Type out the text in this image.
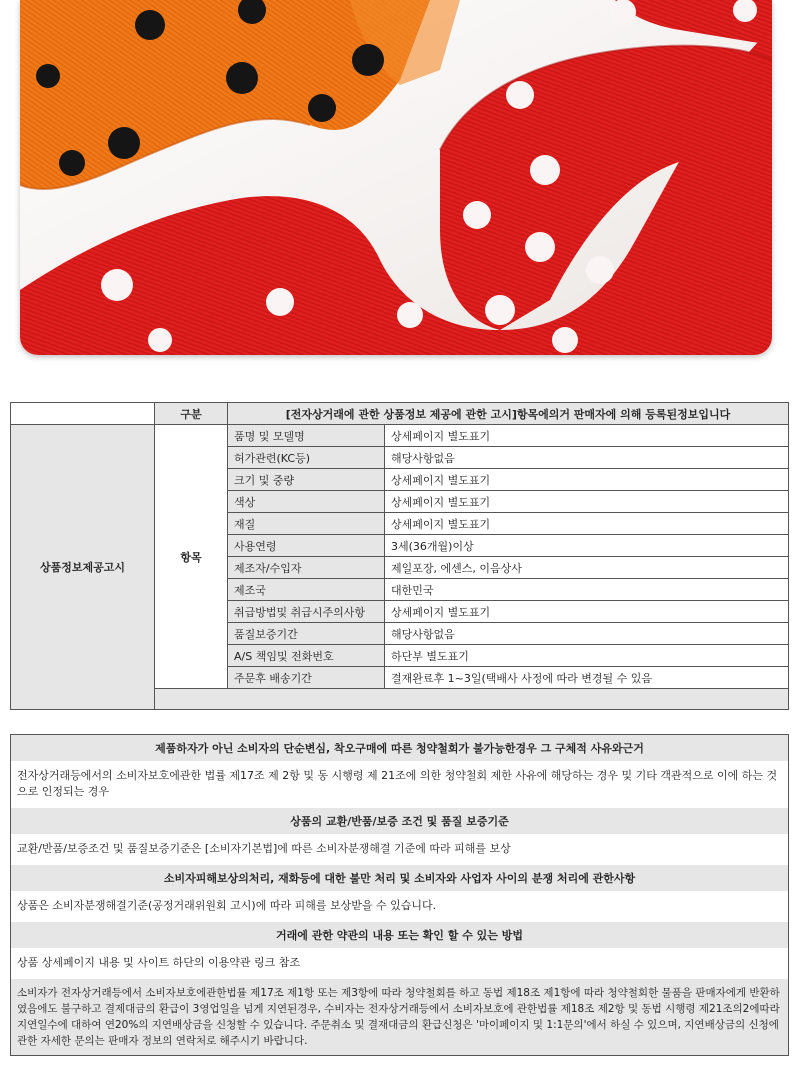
	구분	[전자상거래에 관한 상품정보 제공에 관한 고시]항목에의거 판매자에 의해 등록된정보입니다	
상품정보제공고시	항목	품명 및 모델명	상세페이지 별도표기
		허가관련(KC등)	해당사항없음
		크기 및 중량	상세페이지 별도표기
		색상	상세페이지 별도표기
		재질	상세페이지 별도표기
		사용연령	3세(36개월)이상
		제조자/수입자	제일포장, 에센스, 이음상사
		제조국	대한민국
		취급방법및 취급시주의사항	상세페이지 별도표기
		품질보증기간	해당사항없음
		A/S 책임및 전화번호	하단부 별도표기
		주문후 배송기간	결재완료후 1~3일(택배사 사정에 따라 변경될 수 있음

제품하자가 아닌 소비자의 단순변심, 착오구매에 따른 청약철회가 불가능한경우 그 구체적 사유와근거
전자상거래등에서의 소비자보호에관한 법률 제17조 제 2항 및 동 시행령 제 21조에 의한 청약철회 제한 사유에 해당하는 경우 및 기타 객관적으로 이에 하는 것으로 인정되는 경우
상품의 교환/반품/보증 조건 및 품질 보증기준
교환/반품/보증조건 및 품질보증기준은 [소비자기본법]에 따른 소비자분쟁해결 기준에 따라 피해를 보상
소비자피해보상의처리, 재화등에 대한 불만 처리 및 소비자와 사업자 사이의 분쟁 처리에 관한사항
상품은 소비자분쟁해결기준(공정거래위원회 고시)에 따라 피해를 보상받을 수 있습니다.
거래에 관한 약관의 내용 또는 확인 할 수 있는 방법
상품 상세페이지 내용 및 사이트 하단의 이용약관 링크 참조
소비자가 전자상거래등에서 소비자보호에관한법률 제17조 제1항 또는 제3항에 따라 청약철회를 하고 동법 제18조 제1항에 따라 청약철회한 물품을 판매자에게 반환하였음에도 불구하고 결제대금의 환급이 3영업일을 넘게 지연된경우, 수비자는 전자상거래등에서 소비자보호에 관한법률 제18조 제2항 및 동법 시행령 제21조의2에따라 지연일수에 대하여 연20%의 지연배상금을 신청할 수 있습니다. 주문취소 및 결재대금의 환급신청은 '마이페이지 및 1:1문의'에서 하실 수 있으며, 지연배상금의 신청에 관한 자세한 문의는 판매자 정보의 연락처로 해주시기 바랍니다.
